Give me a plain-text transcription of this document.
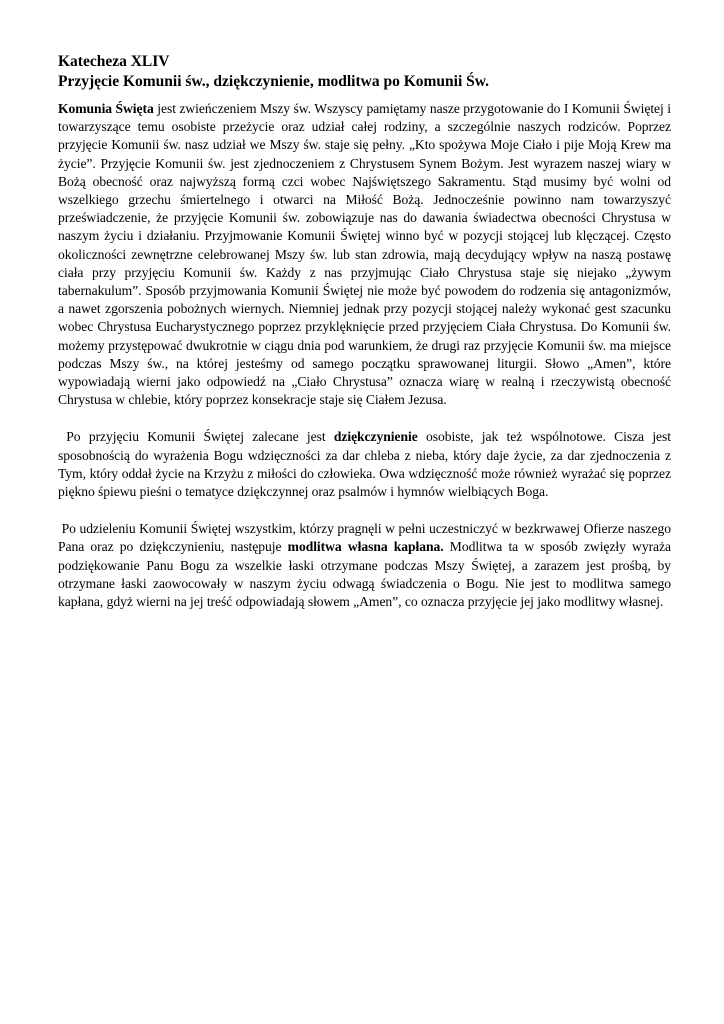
Katecheza XLIV
Przyjęcie Komunii św., dziękczynienie, modlitwa po Komunii Św.

Komunia Święta jest zwieńczeniem Mszy św. Wszyscy pamiętamy nasze przygotowanie do I Komunii Świętej i towarzyszące temu osobiste przeżycie oraz udział całej rodziny, a szczególnie naszych rodziców. Poprzez przyjęcie Komunii św. nasz udział we Mszy św. staje się pełny. „Kto spożywa Moje Ciało i pije Moją Krew ma życie”. Przyjęcie Komunii św. jest zjednoczeniem z Chrystusem Synem Bożym. Jest wyrazem naszej wiary w Bożą obecność oraz najwyższą formą czci wobec Najświętszego Sakramentu. Stąd musimy być wolni od wszelkiego grzechu śmiertelnego i otwarci na Miłość Bożą. Jednocześnie powinno nam towarzyszyć przeświadczenie, że przyjęcie Komunii św. zobowiązuje nas do dawania świadectwa obecności Chrystusa w naszym życiu i działaniu. Przyjmowanie Komunii Świętej winno być w pozycji stojącej lub klęczącej. Często okoliczności zewnętrzne celebrowanej Mszy św. lub stan zdrowia, mają decydujący wpływ na naszą postawę ciała przy przyjęciu Komunii św. Każdy z nas przyjmując Ciało Chrystusa staje się niejako „żywym tabernakulum”. Sposób przyjmowania Komunii Świętej nie może być powodem do rodzenia się antagonizmów, a nawet zgorszenia pobożnych wiernych. Niemniej jednak przy pozycji stojącej należy wykonać gest szacunku wobec Chrystusa Eucharystycznego poprzez przyklęknięcie przed przyjęciem Ciała Chrystusa. Do Komunii św. możemy przystępować dwukrotnie w ciągu dnia pod warunkiem, że drugi raz przyjęcie Komunii św. ma miejsce podczas Mszy św., na której jesteśmy od samego początku sprawowanej liturgii. Słowo „Amen”, które wypowiadają wierni jako odpowiedź na „Ciało Chrystusa” oznacza wiarę w realną i rzeczywistą obecność Chrystusa w chlebie, który poprzez konsekracje staje się Ciałem Jezusa.

Po przyjęciu Komunii Świętej zalecane jest dziękczynienie osobiste, jak też wspólnotowe. Cisza jest sposobnością do wyrażenia Bogu wdzięczności za dar chleba z nieba, który daje życie, za dar zjednoczenia z Tym, który oddał życie na Krzyżu z miłości do człowieka. Owa wdzięczność może również wyrażać się poprzez piękno śpiewu pieśni o tematyce dziękczynnej oraz psalmów i hymnów wielbiących Boga.

Po udzieleniu Komunii Świętej wszystkim, którzy pragnęli w pełni uczestniczyć w bezkrwawej Ofierze naszego Pana oraz po dziękczynieniu, następuje modlitwa własna kapłana. Modlitwa ta w sposób zwięzły wyraża podziękowanie Panu Bogu za wszelkie łaski otrzymane podczas Mszy Świętej, a zarazem jest prośbą, by otrzymane łaski zaowocowały w naszym życiu odwagą świadczenia o Bogu. Nie jest to modlitwa samego kapłana, gdyż wierni na jej treść odpowiadają słowem „Amen”, co oznacza przyjęcie jej jako modlitwy własnej.
